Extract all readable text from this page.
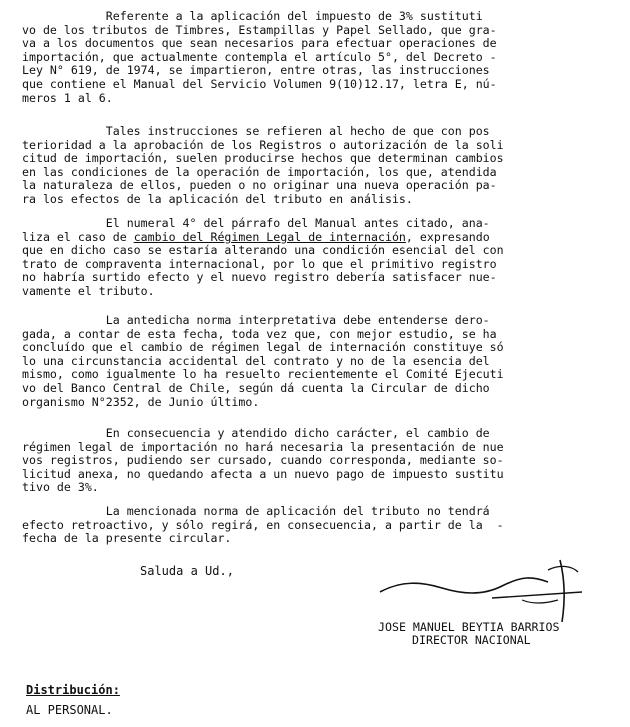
Referente a la aplicación del impuesto de 3% sustituti
vo de los tributos de Timbres, Estampillas y Papel Sellado, que gra-
va a los documentos que sean necesarios para efectuar operaciones de
importación, que actualmente contempla el artículo 5°, del Decreto -
Ley N° 619, de 1974, se impartieron, entre otras, las instrucciones
que contiene el Manual del Servicio Volumen 9(10)12.17, letra E, nú-
meros 1 al 6.

Tales instrucciones se refieren al hecho de que con pos
terioridad a la aprobación de los Registros o autorización de la soli
citud de importación, suelen producirse hechos que determinan cambios
en las condiciones de la operación de importación, los que, atendida
la naturaleza de ellos, pueden o no originar una nueva operación pa-
ra los efectos de la aplicación del tributo en análisis.

El numeral 4° del párrafo del Manual antes citado, ana-
liza el caso de cambio del Régimen Legal de internación, expresando
que en dicho caso se estaría alterando una condición esencial del con
trato de compraventa internacional, por lo que el primitivo registro
no habría surtido efecto y el nuevo registro debería satisfacer nue-
vamente el tributo.

La antedicha norma interpretativa debe entenderse dero-
gada, a contar de esta fecha, toda vez que, con mejor estudio, se ha
concluído que el cambio de régimen legal de internación constituye só
lo una circunstancia accidental del contrato y no de la esencia del
mismo, como igualmente lo ha resuelto recientemente el Comité Ejecuti
vo del Banco Central de Chile, según dá cuenta la Circular de dicho
organismo N°2352, de Junio último.

En consecuencia y atendido dicho carácter, el cambio de
régimen legal de importación no hará necesaria la presentación de nue
vos registros, pudiendo ser cursado, cuando corresponda, mediante so-
licitud anexa, no quedando afecta a un nuevo pago de impuesto sustitu
tivo de 3%.

La mencionada norma de aplicación del tributo no tendrá
efecto retroactivo, y sólo regirá, en consecuencia, a partir de la  -
fecha de la presente circular.

Saluda a Ud.,
JOSE MANUEL BEYTIA BARRIOS
DIRECTOR NACIONAL
Distribución:
AL PERSONAL.
